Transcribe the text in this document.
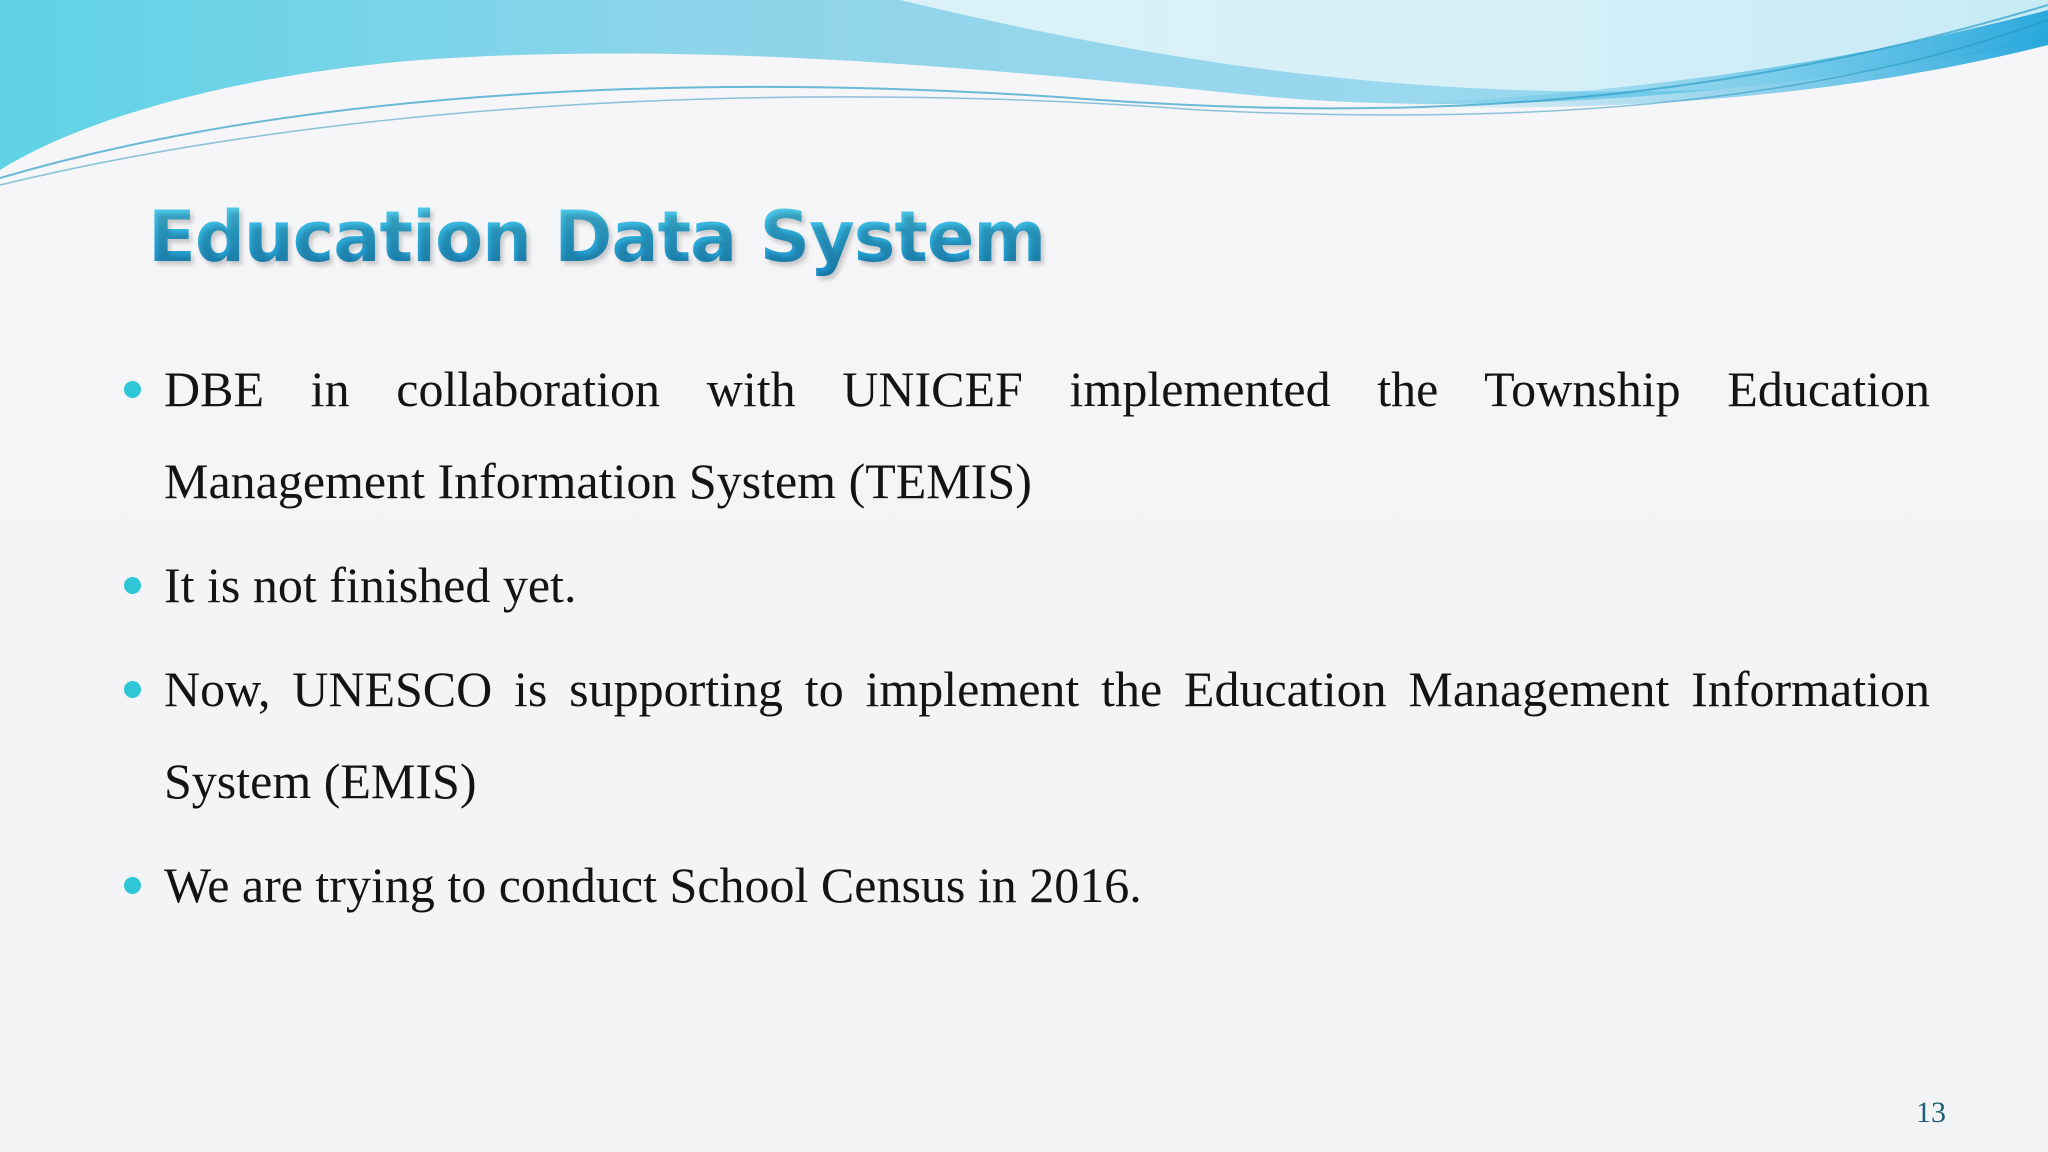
Education Data System
DBE in collaboration with UNICEF implemented the Township Education Management Information System (TEMIS)
It is not finished yet.
Now, UNESCO is supporting to implement the Education Management Information System (EMIS)
We are trying to conduct School Census in 2016.
13
